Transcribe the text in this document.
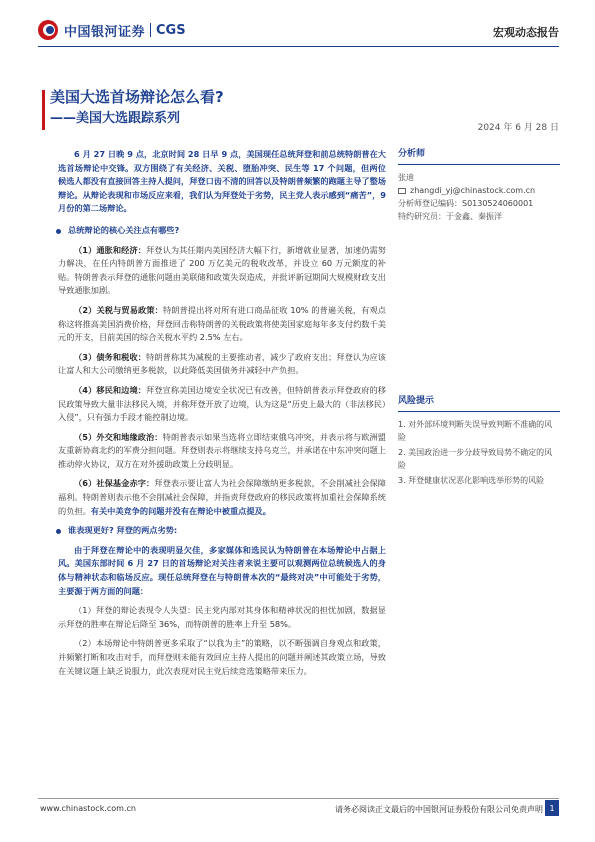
中国银河证券 CGS	宏观动态报告
美国大选首场辩论怎么看?
——美国大选跟踪系列
2024 年 6 月 28 日

6 月 27 日晚 9 点，北京时间 28 日早 9 点，美国现任总统拜登和前总统特朗普在大选首场辩论中交锋。双方围绕了有关经济、关税、堕胎冲突、民生等 17 个问题，但两位候选人都没有直接回答主持人提问，拜登口齿不清的回答以及特朗普频繁的跑题主导了整场辩论。从辩论表现和市场反应来看，我们认为拜登处于劣势，民主党人表示感到“痛苦”，9 月份的第二场辩论。

总统辩论的核心关注点有哪些?

（1）通胀和经济：拜登认为其任期内美国经济大幅下行，新增就业显著，加速仍需努力解决，在任内特朗普方面推进了 200 万亿美元的税收改革，并设立 60 万元额度的补贴。特朗普表示拜登的通胀问题由美联储和政策失误造成，并批评新冠期间大规模财政支出导致通胀加剧。

（2）关税与贸易政策：特朗普提出将对所有进口商品征收 10% 的普遍关税，有观点称这将推高美国消费价格，拜登回击称特朗普的关税政策将使美国家庭每年多支付约数千美元的开支，目前美国的综合关税水平约 2.5% 左右。

（3）债务和税收：特朗普称其为减税的主要推动者，减少了政府支出；拜登认为应该让富人和大公司缴纳更多税款，以此降低美国债务并减轻中产负担。

（4）移民和边境：拜登宣称美国边境安全状况已有改善，但特朗普表示拜登政府的移民政策导致大量非法移民入境，并称拜登开放了边境，认为这是“历史上最大的（非法移民）入侵”，只有强力手段才能控制边境。

（5）外交和地缘政治：特朗普表示如果当选将立即结束俄乌冲突，并表示将与欧洲盟友重新协商北约的军费分担问题。拜登则表示将继续支持乌克兰，并承诺在中东冲突问题上推动停火协议，双方在对外援助政策上分歧明显。

（6）社保基金赤字：拜登表示要让富人为社会保障缴纳更多税款，不会削减社会保障福利。特朗普则表示他不会削减社会保障，并指责拜登政府的移民政策将加重社会保障系统的负担。有关中美竞争的问题并没有在辩论中被重点提及。

谁表现更好? 拜登的两点劣势:

由于拜登在辩论中的表现明显欠佳，多家媒体和选民认为特朗普在本场辩论中占据上风。美国东部时间 6 月 27 日的首场辩论对关注者来说主要可以观测两位总统候选人的身体与精神状态和临场反应。现任总统拜登在与特朗普本次的“最终对决”中可能处于劣势，主要源于两方面的问题：

（1）拜登的辩论表现令人失望：民主党内部对其身体和精神状况的担忧加剧，数据显示拜登的胜率在辩论后降至 36%，而特朗普的胜率上升至 58%。

（2）本场辩论中特朗普更多采取了“以我为主”的策略，以不断强调自身观点和政策，并频繁打断和攻击对手，而拜登则未能有效回应主持人提出的问题并阐述其政策立场，导致在关键议题上缺乏说服力，此次表现对民主党后续竞选策略带来压力。

分析师
张迪
zhangdi_yj@chinastock.com.cn
分析师登记编码：S0130524060001
特约研究员：于金鑫、秦振洋
风险提示
1. 对外部环境判断失误导致判断不准确的风险
2. 美国政治进一步分歧导致局势不确定的风险
3. 拜登健康状况恶化影响选举形势的风险
www.chinastock.com.cn	请务必阅读正文最后的中国银河证券股份有限公司免责声明 1
